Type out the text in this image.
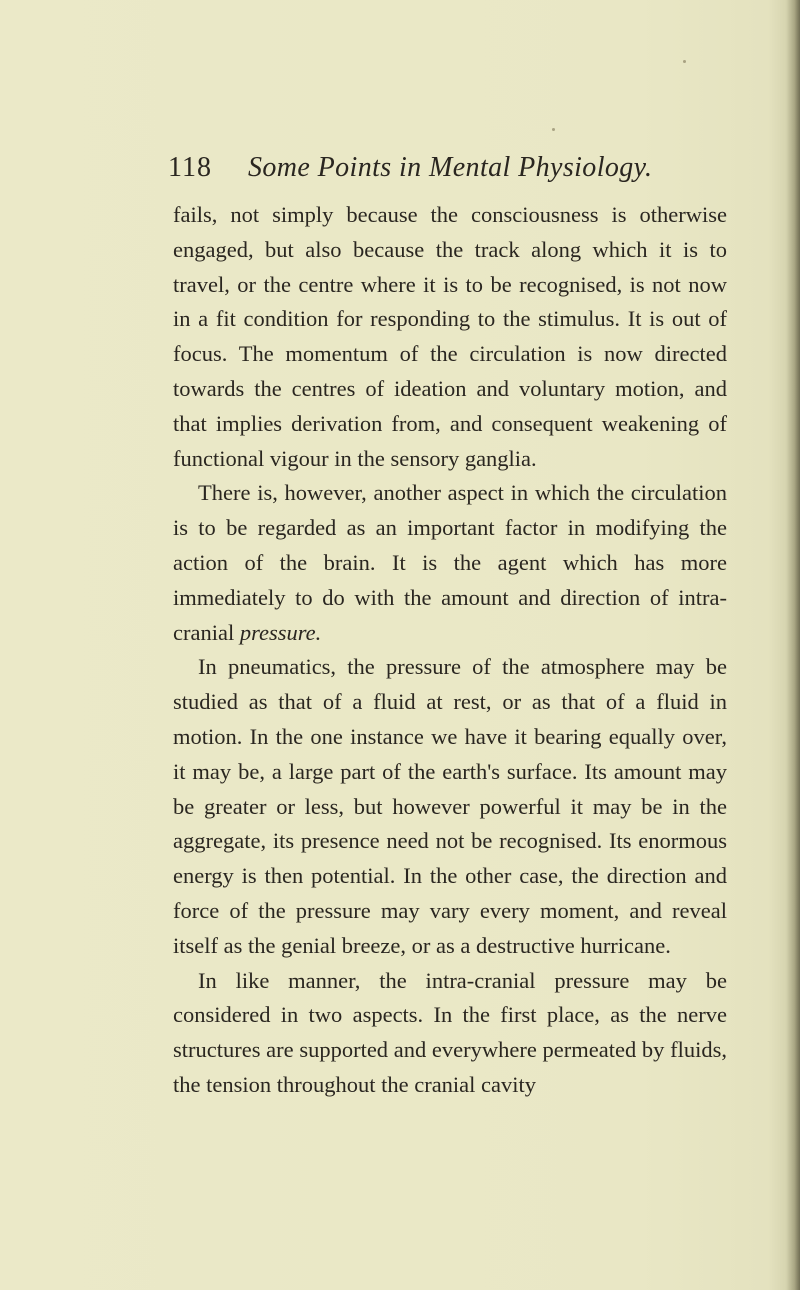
118 Some Points in Mental Physiology.

fails, not simply because the consciousness is otherwise engaged, but also because the track along which it is to travel, or the centre where it is to be recognised, is not now in a fit condition for responding to the stimulus. It is out of focus. The momentum of the circulation is now directed towards the centres of ideation and voluntary motion, and that implies derivation from, and consequent weakening of functional vigour in the sensory ganglia.

There is, however, another aspect in which the circulation is to be regarded as an important factor in modifying the action of the brain. It is the agent which has more immediately to do with the amount and direction of intra-cranial pressure.

In pneumatics, the pressure of the atmosphere may be studied as that of a fluid at rest, or as that of a fluid in motion. In the one instance we have it bearing equally over, it may be, a large part of the earth's surface. Its amount may be greater or less, but however powerful it may be in the aggregate, its presence need not be recognised. Its enormous energy is then potential. In the other case, the direction and force of the pressure may vary every moment, and reveal itself as the genial breeze, or as a destructive hurricane.

In like manner, the intra-cranial pressure may be considered in two aspects. In the first place, as the nerve structures are supported and everywhere permeated by fluids, the tension throughout the cranial cavity
